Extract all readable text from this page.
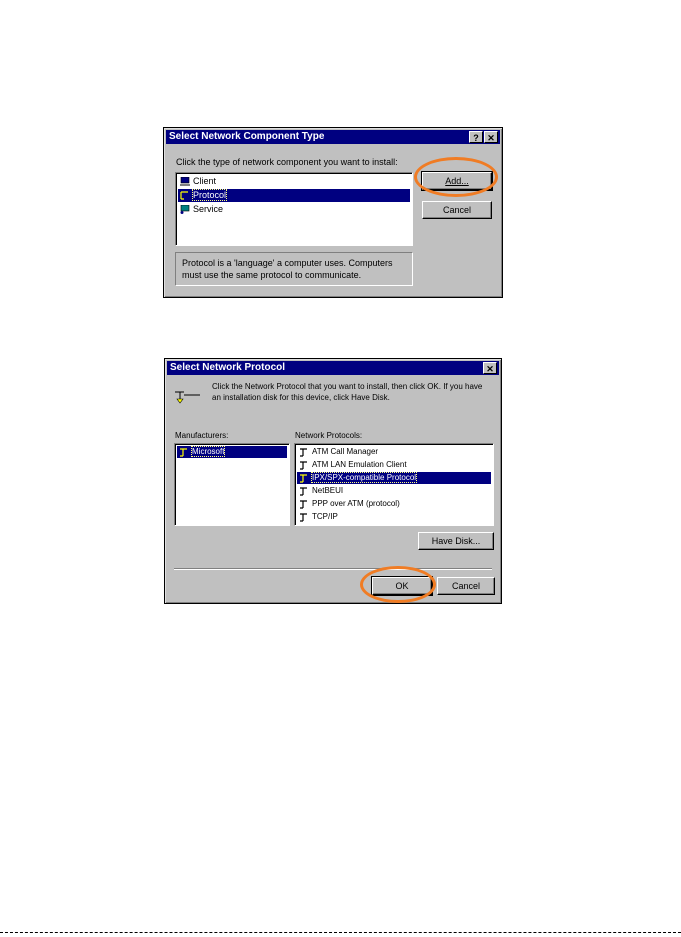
Select Network Component Type	? ✕
Click the type of network component you want to install:
Client
Protocol
Service
Add...
Cancel
Protocol is a 'language' a computer uses. Computers
must use the same protocol to communicate.
Select Network Protocol	✕
Click the Network Protocol that you want to install, then click OK. If you have
an installation disk for this device, click Have Disk.
Manufacturers:	Network Protocols:
Microsoft	ATM Call Manager
ATM LAN Emulation Client
IPX/SPX-compatible Protocol
NetBEUI
PPP over ATM (protocol)
TCP/IP
Have Disk...
OK	Cancel
